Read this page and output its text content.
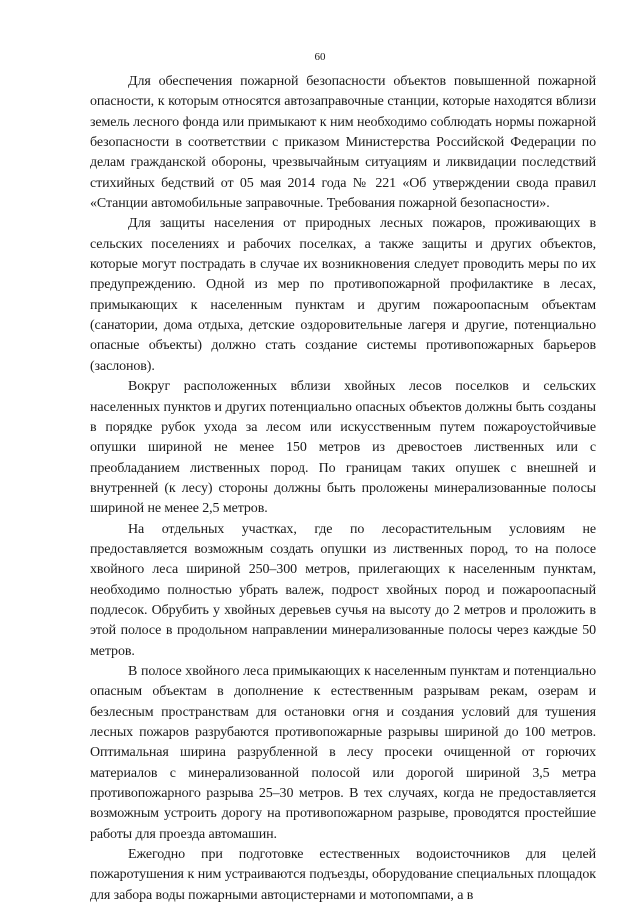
60

Для обеспечения пожарной безопасности объектов повышенной пожарной опасности, к которым относятся автозаправочные станции, которые находятся вблизи земель лесного фонда или примыкают к ним необходимо соблюдать нормы пожарной безопасности в соответствии с приказом Министерства Российской Федерации по делам гражданской обороны, чрезвычайным ситуациям и ликвидации последствий стихийных бедствий от 05 мая 2014 года № 221 «Об утверждении свода правил «Станции автомобильные заправочные. Требования пожарной безопасности».

Для защиты населения от природных лесных пожаров, проживающих в сельских поселениях и рабочих поселках, а также защиты и других объектов, которые могут пострадать в случае их возникновения следует проводить меры по их предупреждению. Одной из мер по противопожарной профилактике в лесах, примыкающих к населенным пунктам и другим пожароопасным объектам (санатории, дома отдыха, детские оздоровительные лагеря и другие, потенциально опасные объекты) должно стать создание системы противопожарных барьеров (заслонов).

Вокруг расположенных вблизи хвойных лесов поселков и сельских населенных пунктов и других потенциально опасных объектов должны быть созданы в порядке рубок ухода за лесом или искусственным путем пожароустойчивые опушки шириной не менее 150 метров из древостоев лиственных или с преобладанием лиственных пород. По границам таких опушек с внешней и внутренней (к лесу) стороны должны быть проложены минерализованные полосы шириной не менее 2,5 метров.

На отдельных участках, где по лесорастительным условиям не предоставляется возможным создать опушки из лиственных пород, то на полосе хвойного леса шириной 250–300 метров, прилегающих к населенным пунктам, необходимо полностью убрать валеж, подрост хвойных пород и пожароопасный подлесок. Обрубить у хвойных деревьев сучья на высоту до 2 метров и проложить в этой полосе в продольном направлении минерализованные полосы через каждые 50 метров.

В полосе хвойного леса примыкающих к населенным пунктам и потенциально опасным объектам в дополнение к естественным разрывам рекам, озерам и безлесным пространствам для остановки огня и создания условий для тушения лесных пожаров разрубаются противопожарные разрывы шириной до 100 метров. Оптимальная ширина разрубленной в лесу просеки очищенной от горючих материалов с минерализованной полосой или дорогой шириной 3,5 метра противопожарного разрыва 25–30 метров. В тех случаях, когда не предоставляется возможным устроить дорогу на противопожарном разрыве, проводятся простейшие работы для проезда автомашин.

Ежегодно при подготовке естественных водоисточников для целей пожаротушения к ним устраиваются подъезды, оборудование специальных площадок для забора воды пожарными автоцистернами и мотопомпами, а в
